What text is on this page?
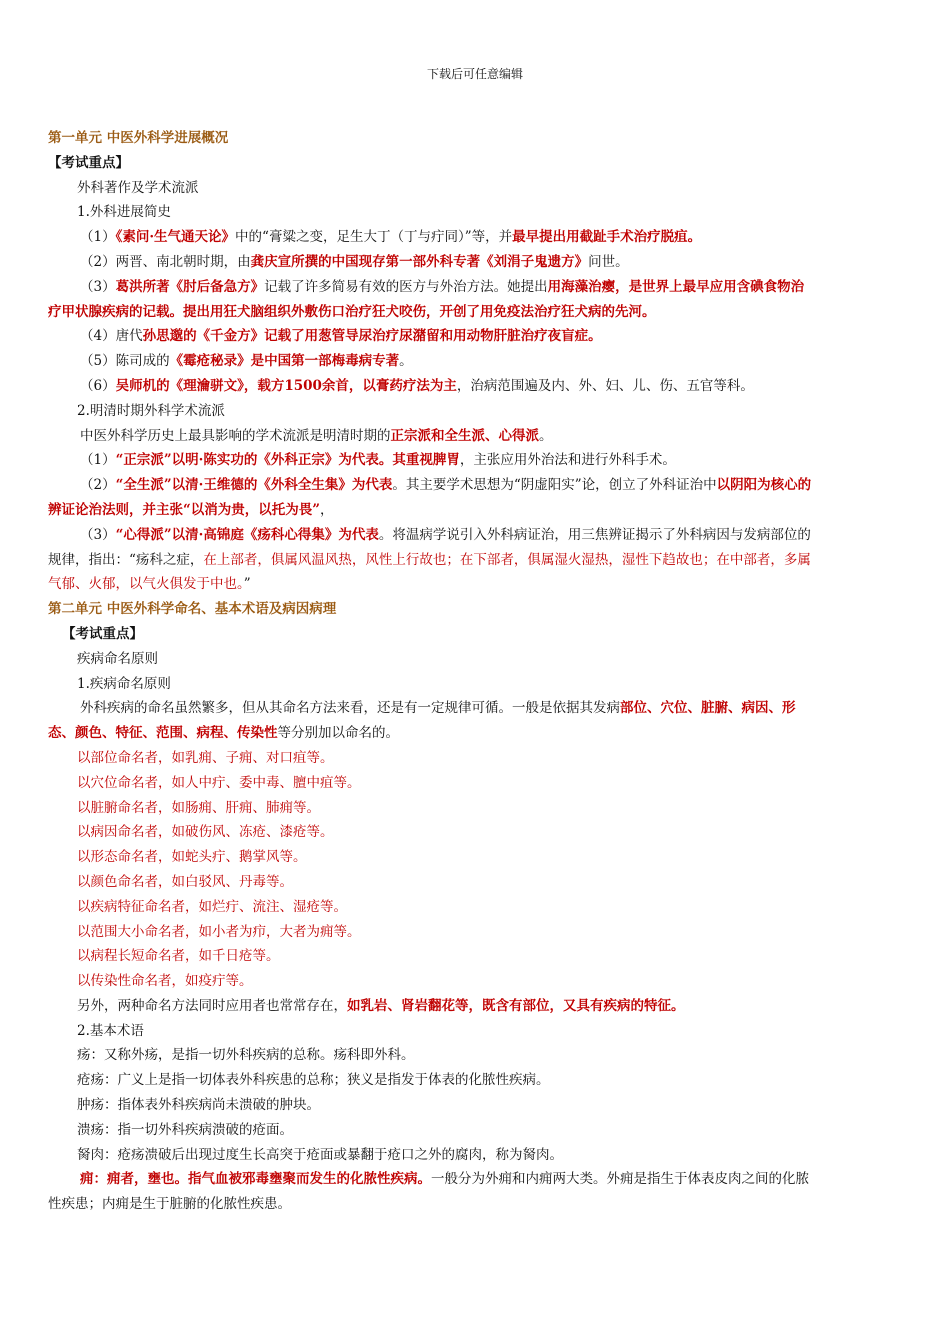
下载后可任意编辑

第一单元 中医外科学进展概况

【考试重点】

外科著作及学术流派

1.外科进展简史

（1）《素问·生气通天论》中的“膏粱之变，足生大丁（丁与疔同）”等，并最早提出用截趾手术治疗脱疽。

（2）两晋、南北朝时期，由龚庆宣所撰的中国现存第一部外科专著《刘涓子鬼遗方》问世。

（3）葛洪所著《肘后备急方》记载了许多简易有效的医方与外治方法。她提出用海藻治瘿，是世界上最早应用含碘食物治疗甲状腺疾病的记载。提出用狂犬脑组织外敷伤口治疗狂犬咬伤，开创了用免疫法治疗狂犬病的先河。

（4）唐代孙思邈的《千金方》记载了用葱管导尿治疗尿潴留和用动物肝脏治疗夜盲症。

（5）陈司成的《霉疮秘录》是中国第一部梅毒病专著。

（6）吴师机的《理瀹骈文》，载方1500余首，以膏药疗法为主，治病范围遍及内、外、妇、儿、伤、五官等科。

2.明清时期外科学术流派

中医外科学历史上最具影响的学术流派是明清时期的正宗派和全生派、心得派。

（1）“正宗派”以明·陈实功的《外科正宗》为代表。其重视脾胃，主张应用外治法和进行外科手术。

（2）“全生派”以清·王维德的《外科全生集》为代表。其主要学术思想为“阴虚阳实”论，创立了外科证治中以阴阳为核心的辨证论治法则，并主张“以消为贵，以托为畏”，

（3）“心得派”以清·高锦庭《疡科心得集》为代表。将温病学说引入外科病证治，用三焦辨证揭示了外科病因与发病部位的规律，指出：“疡科之症，在上部者，俱属风温风热，风性上行故也；在下部者，俱属湿火湿热，湿性下趋故也；在中部者，多属气郁、火郁，以气火俱发于中也。”

第二单元 中医外科学命名、基本术语及病因病理

【考试重点】

疾病命名原则

1.疾病命名原则

外科疾病的命名虽然繁多，但从其命名方法来看，还是有一定规律可循。一般是依据其发病部位、穴位、脏腑、病因、形态、颜色、特征、范围、病程、传染性等分别加以命名的。

以部位命名者，如乳痈、子痈、对口疽等。

以穴位命名者，如人中疔、委中毒、膻中疽等。

以脏腑命名者，如肠痈、肝痈、肺痈等。

以病因命名者，如破伤风、冻疮、漆疮等。

以形态命名者，如蛇头疔、鹅掌风等。

以颜色命名者，如白驳风、丹毒等。

以疾病特征命名者，如烂疔、流注、湿疮等。

以范围大小命名者，如小者为疖，大者为痈等。

以病程长短命名者，如千日疮等。

以传染性命名者，如疫疔等。

另外，两种命名方法同时应用者也常常存在，如乳岩、肾岩翻花等，既含有部位，又具有疾病的特征。

2.基本术语

疡：又称外疡，是指一切外科疾病的总称。疡科即外科。

疮疡：广义上是指一切体表外科疾患的总称；狭义是指发于体表的化脓性疾病。

肿疡：指体表外科疾病尚未溃破的肿块。

溃疡：指一切外科疾病溃破的疮面。

胬肉：疮疡溃破后出现过度生长高突于疮面或暴翻于疮口之外的腐肉，称为胬肉。

痈：痈者，壅也。指气血被邪毒壅聚而发生的化脓性疾病。一般分为外痈和内痈两大类。外痈是指生于体表皮肉之间的化脓性疾患；内痈是生于脏腑的化脓性疾患。
